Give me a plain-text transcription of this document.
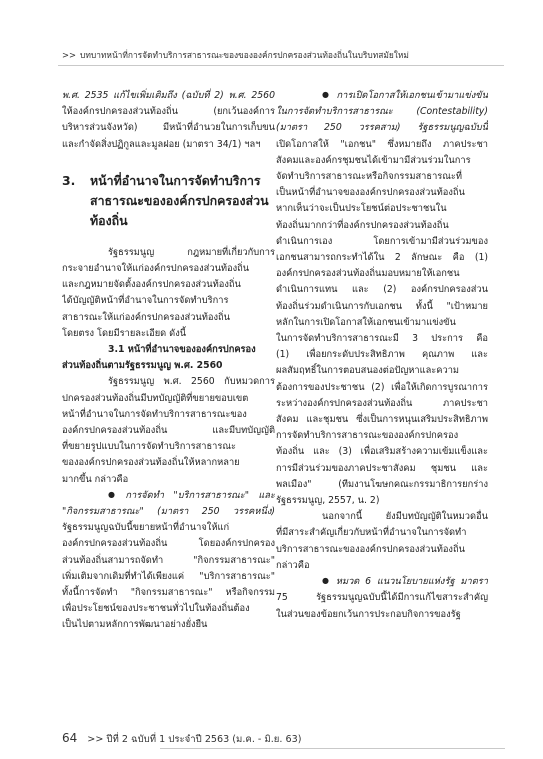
>> บทบาทหน้าที่การจัดทำบริการสาธารณะของขององค์กรปกครองส่วนท้องถิ่นในบริบทสมัยใหม่

พ.ศ. 2535 แก้ไขเพิ่มเติมถึง (ฉบับที่ 2) พ.ศ. 2560
ให้องค์กรปกครองส่วนท้องถิ่น (ยกเว้นองค์การ
บริหารส่วนจังหวัด) มีหน้าที่อำนวยในการเก็บขน
และกำจัดสิ่งปฏิกูลและมูลฝอย (มาตรา 34/1) ฯลฯ

3. หน้าที่อำนาจในการจัดทำบริการ
สาธารณะขององค์กรปกครองส่วน
ท้องถิ่น

รัฐธรรมนูญ กฎหมายที่เกี่ยวกับการ
กระจายอำนาจให้แก่องค์กรปกครองส่วนท้องถิ่น
และกฎหมายจัดตั้งองค์กรปกครองส่วนท้องถิ่น
ได้บัญญัติหน้าที่อำนาจในการจัดทำบริการ
สาธารณะให้แก่องค์กรปกครองส่วนท้องถิ่น
โดยตรง โดยมีรายละเอียด ดังนี้

3.1 หน้าที่อำนาจขององค์กรปกครอง
ส่วนท้องถิ่นตามรัฐธรรมนูญ พ.ศ. 2560

รัฐธรรมนูญ พ.ศ. 2560 กับหมวดการ
ปกครองส่วนท้องถิ่นมีบทบัญญัติที่ขยายขอบเขต
หน้าที่อำนาจในการจัดทำบริการสาธารณะของ
องค์กรปกครองส่วนท้องถิ่น และมีบทบัญญัติ
ที่ขยายรูปแบบในการจัดทำบริการสาธารณะ
ขององค์กรปกครองส่วนท้องถิ่นให้หลากหลาย
มากขึ้น กล่าวคือ

● การจัดทำ "บริการสาธารณะ" และ
"กิจกรรมสาธารณะ" (มาตรา 250 วรรคหนึ่ง)
รัฐธรรมนูญฉบับนี้ขยายหน้าที่อำนาจให้แก่
องค์กรปกครองส่วนท้องถิ่น โดยองค์กรปกครอง
ส่วนท้องถิ่นสามารถจัดทำ "กิจกรรมสาธารณะ"
เพิ่มเติมจากเดิมที่ทำได้เพียงแค่ "บริการสาธารณะ"
ทั้งนี้การจัดทำ "กิจกรรมสาธารณะ" หรือกิจกรรม
เพื่อประโยชน์ของประชาชนทั่วไปในท้องถิ่นต้อง
เป็นไปตามหลักการพัฒนาอย่างยั่งยืน

● การเปิดโอกาสให้เอกชนเข้ามาแข่งขัน
ในการจัดทำบริการสาธารณะ (Contestability)
(มาตรา 250 วรรคสาม) รัฐธรรมนูญฉบับนี้
เปิดโอกาสให้ "เอกชน" ซึ่งหมายถึง ภาคประชา
สังคมและองค์กรชุมชนได้เข้ามามีส่วนร่วมในการ
จัดทำบริการสาธารณะหรือกิจกรรมสาธารณะที่
เป็นหน้าที่อำนาจขององค์กรปกครองส่วนท้องถิ่น
หากเห็นว่าจะเป็นประโยชน์ต่อประชาชนใน
ท้องถิ่นมากกว่าที่องค์กรปกครองส่วนท้องถิ่น
ดำเนินการเอง โดยการเข้ามามีส่วนร่วมของ
เอกชนสามารถกระทำได้ใน 2 ลักษณะ คือ (1)
องค์กรปกครองส่วนท้องถิ่นมอบหมายให้เอกชน
ดำเนินการแทน และ (2) องค์กรปกครองส่วน
ท้องถิ่นร่วมดำเนินการกับเอกชน ทั้งนี้ "เป้าหมาย
หลักในการเปิดโอกาสให้เอกชนเข้ามาแข่งขัน
ในการจัดทำบริการสาธารณะมี 3 ประการ คือ
(1) เพื่อยกระดับประสิทธิภาพ คุณภาพ และ
ผลสัมฤทธิ์ในการตอบสนองต่อปัญหาและความ
ต้องการของประชาชน (2) เพื่อให้เกิดการบูรณาการ
ระหว่างองค์กรปกครองส่วนท้องถิ่น ภาคประชา
สังคม และชุมชน ซึ่งเป็นการหนุนเสริมประสิทธิภาพ
การจัดทำบริการสาธารณะขององค์กรปกครอง
ท้องถิ่น และ (3) เพื่อเสริมสร้างความเข้มแข็งและ
การมีส่วนร่วมของภาคประชาสังคม ชุมชน และ
พลเมือง" (ทีมงานโฆษกคณะกรรมาธิการยกร่าง
รัฐธรรมนูญ, 2557, น. 2)

นอกจากนี้ ยังมีบทบัญญัติในหมวดอื่น
ที่มีสาระสำคัญเกี่ยวกับหน้าที่อำนาจในการจัดทำ
บริการสาธารณะขององค์กรปกครองส่วนท้องถิ่น
กล่าวคือ

● หมวด 6 แนวนโยบายแห่งรัฐ มาตรา
75 รัฐธรรมนูญฉบับนี้ได้มีการแก้ไขสาระสำคัญ
ในส่วนของข้อยกเว้นการประกอบกิจการของรัฐ

64 >> ปีที่ 2 ฉบับที่ 1 ประจำปี 2563 (ม.ค. - มิ.ย. 63)
